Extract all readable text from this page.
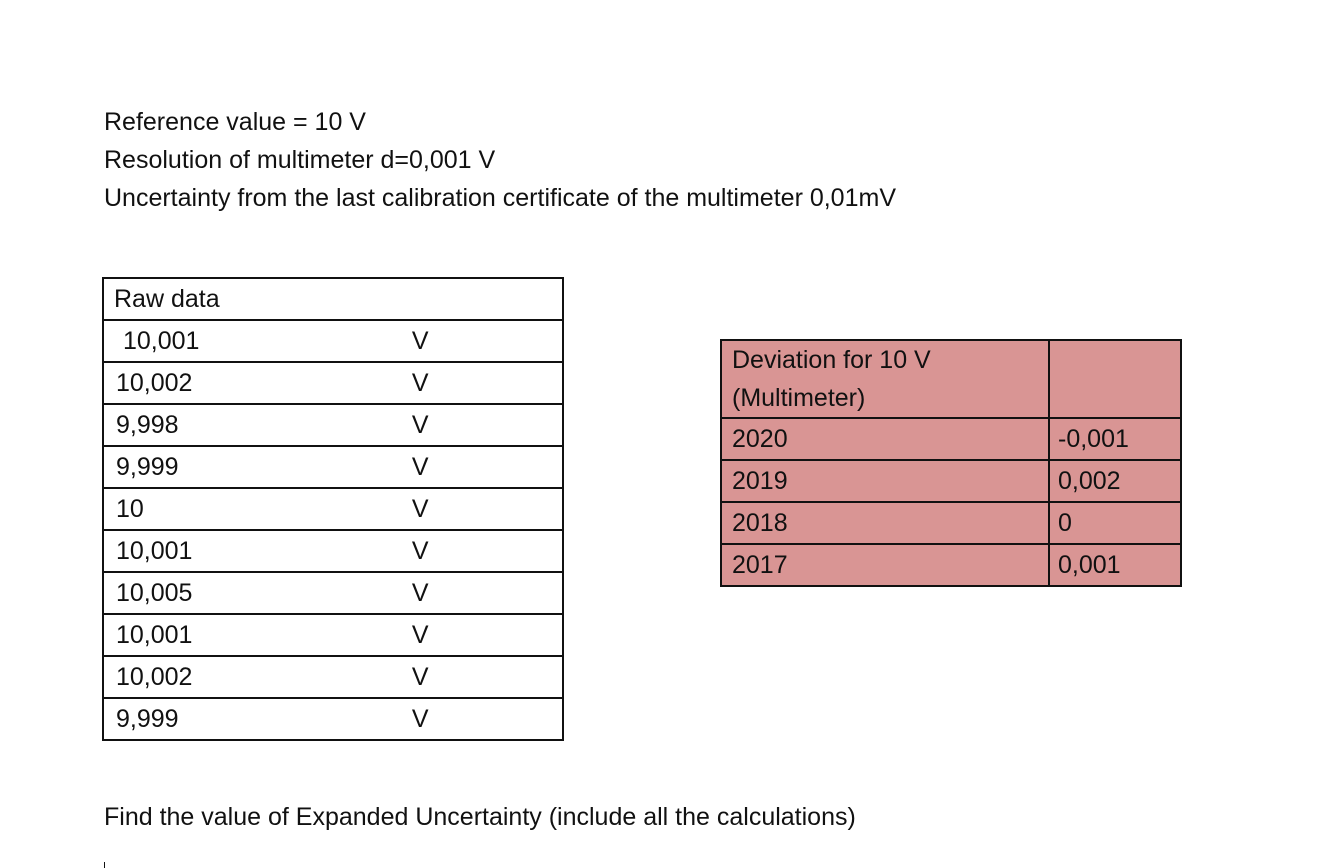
Reference value = 10 V
Resolution of multimeter d=0,001 V
Uncertainty from the last calibration certificate of the multimeter 0,01mV
Raw data	
10,001	V
10,002	V
9,998	V
9,999	V
10	V
10,001	V
10,005	V
10,001	V
10,002	V
9,999	V
Deviation for 10 V
(Multimeter)	

2020	-0,001
2019	0,002
2018	0
2017	0,001
Find the value of Expanded Uncertainty (include all the calculations)
